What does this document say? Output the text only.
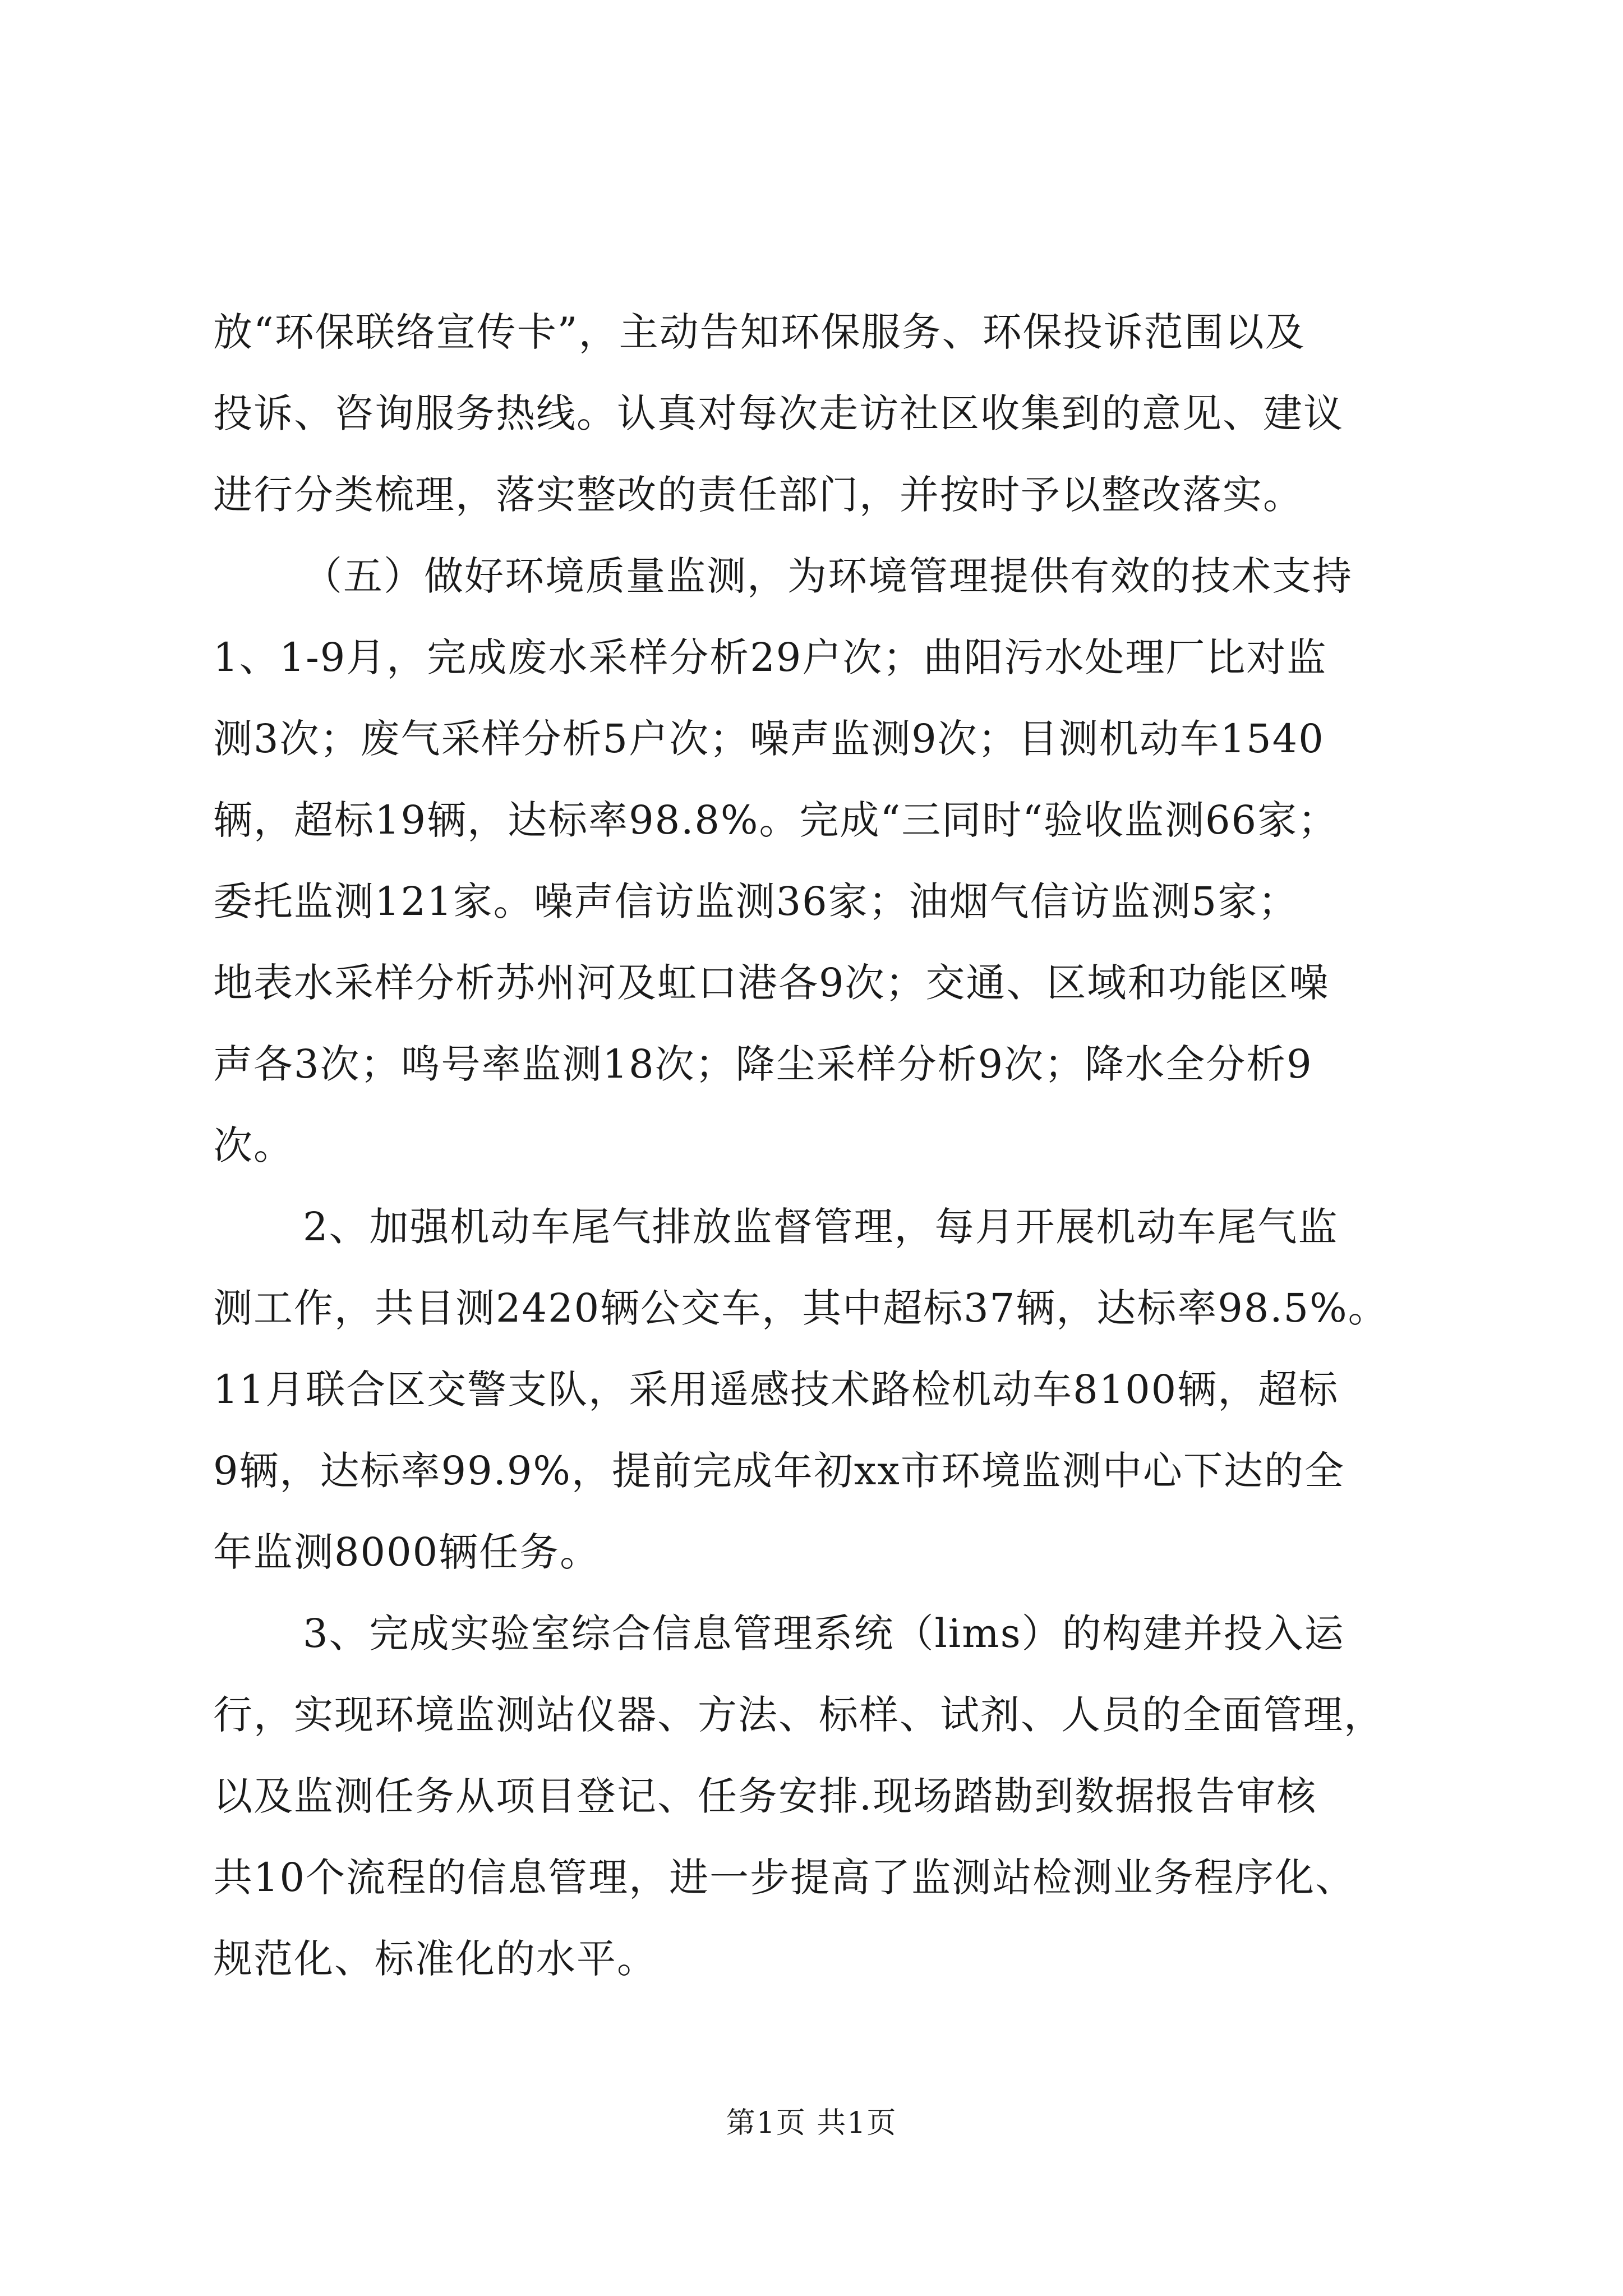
放“环保联络宣传卡”，主动告知环保服务、环保投诉范围以及
投诉、咨询服务热线。认真对每次走访社区收集到的意见、建议
进行分类梳理，落实整改的责任部门，并按时予以整改落实。
（五）做好环境质量监测，为环境管理提供有效的技术支持
1、1-9月，完成废水采样分析29户次；曲阳污水处理厂比对监
测3次；废气采样分析5户次；噪声监测9次；目测机动车1540
辆，超标19辆，达标率98.8%。完成“三同时“验收监测66家；
委托监测121家。噪声信访监测36家；油烟气信访监测5家；
地表水采样分析苏州河及虹口港各9次；交通、区域和功能区噪
声各3次；鸣号率监测18次；降尘采样分析9次；降水全分析9
次。
2、加强机动车尾气排放监督管理，每月开展机动车尾气监
测工作，共目测2420辆公交车，其中超标37辆，达标率98.5%。
11月联合区交警支队，采用遥感技术路检机动车8100辆，超标
9辆，达标率99.9%，提前完成年初xx市环境监测中心下达的全
年监测8000辆任务。
3、完成实验室综合信息管理系统（lims）的构建并投入运
行，实现环境监测站仪器、方法、标样、试剂、人员的全面管理，
以及监测任务从项目登记、任务安排.现场踏勘到数据报告审核
共10个流程的信息管理，进一步提高了监测站检测业务程序化、
规范化、标准化的水平。
第1页 共1页
